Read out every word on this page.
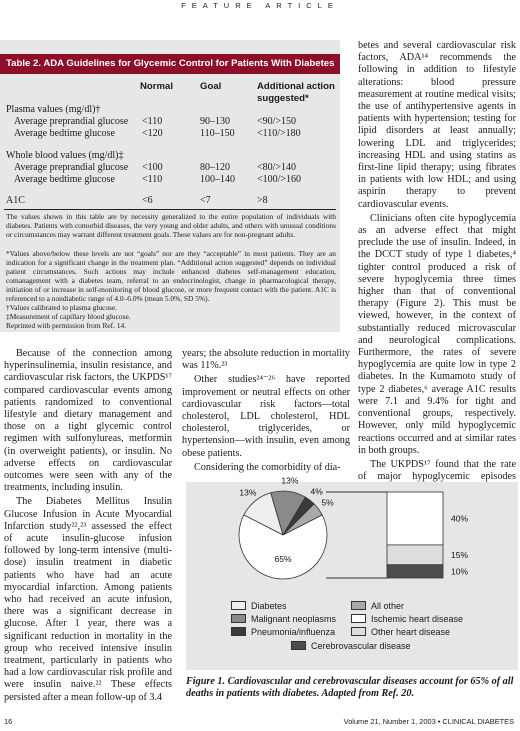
FEATURE ARTICLE
Table 2. ADA Guidelines for Glycemic Control for Patients With Diabetes
Normal	Goal	Additional action
suggested*
Plasma values (mg/dl)†
Average preprandial glucose <110	90–130	<90/>150
Average bedtime glucose	<120	110–150 <110/>180
Whole blood values (mg/dl)‡
Average preprandial glucose <100	80–120	<80/>140
Average bedtime glucose	<110	100–140 <100/>160
A1C	<6	<7	>8
The values shown in this table are by necessity generalized to the entire population of individuals with diabetes. Patients with comorbid diseases, the very young and older adults, and others with unusual conditions or circumstances may warrant different treatment goals. These values are for non-pregnant adults.
*Values above/below these levels are not “goals” nor are they “acceptable” in most patients. They are an indication for a significant change in the treatment plan. “Additional action suggested” depends on individual patient circumstances. Such actions may include enhanced diabetes self-management education, comanagement with a diabetes team, referral to an endocrinologist, change in pharmacological therapy, initiation of or increase in self-monitoring of blood glucose, or more frequent contact with the patient. A1C is referenced to a nondiabetic range of 4.0–6.0% (mean 5.0%, SD 5%).
†Values calibrated to plasma glucose.
‡Measurement of capillary blood glucose.
Reprinted with permission from Ref. 14.

betes and several cardiovascular risk factors, ADA¹⁴ recommends the following in addition to lifestyle alterations: blood pressure measurement at routine medical visits; the use of antihypertensive agents in patients with hypertension; testing for lipid disorders at least annually; lowering LDL and triglycerides; increasing HDL and using statins as first-line lipid therapy; using fibrates in patients with low HDL; and using aspirin therapy to prevent cardiovascular events.

Clinicians often cite hypoglycemia as an adverse effect that might preclude the use of insulin. Indeed, in the DCCT study of type 1 diabetes,⁴ tighter control produced a risk of severe hypoglycemia three times higher than that of conventional therapy (Figure 2). This must be viewed, however, in the context of substantially reduced microvascular and neurological complications. Furthermore, the rates of severe hypoglycemia are quite low in type 2 diabetes. In the Kumamoto study of type 2 diabetes,⁶ average A1C results were 7.1 and 9.4% for tight and conventional groups, respectively. However, only mild hypoglycemic reactions occurred and at similar rates in both groups.

The UKPDS¹⁷ found that the rate of major hypoglycemic episodes

Because of the connection among hyperinsulinemia, insulin resistance, and cardiovascular risk factors, the UKPDS¹⁷ compared cardiovascular events among patients randomized to conventional lifestyle and dietary management and those on a tight glycemic control regimen with sulfonylureas, metformin (in overweight patients), or insulin. No adverse effects on cardiovascular outcomes were seen with any of the treatments, including insulin.

The Diabetes Mellitus Insulin Glucose Infusion in Acute Myocardial Infarction study²²,²³ assessed the effect of acute insulin-glucose infusion followed by long-term intensive (multi-dose) insulin treatment in diabetic patients who have had an acute myocardial infarction. Among patients who had received an acute infusion, there was a significant decrease in glucose. After 1 year, there was a significant reduction in mortality in the group who received intensive insulin treatment, particularly in patients who had a low cardiovascular risk profile and were insulin naive.²² These effects persisted after a mean follow-up of 3.4

years; the absolute reduction in mortality was 11%.²³

Other studies²⁴⁻²⁶ have reported improvement or neutral effects on other cardiovascular risk factors—total cholesterol, LDL cholesterol, HDL cholesterol, triglycerides, or hypertension—with insulin, even among obese patients.

Considering the comorbidity of dia-

13%
13%
4%
5%
65%
40%
15%
10%
Diabetes	All other
Malignant neoplasms	Ischemic heart disease
Pneumonia/influenza	Other heart disease
Cerebrovascular disease
Figure 1. Cardiovascular and cerebrovascular diseases account for 65% of all deaths in patients with diabetes. Adapted from Ref. 20.
16	Volume 21, Number 1, 2003 • CLINICAL DIABETES
